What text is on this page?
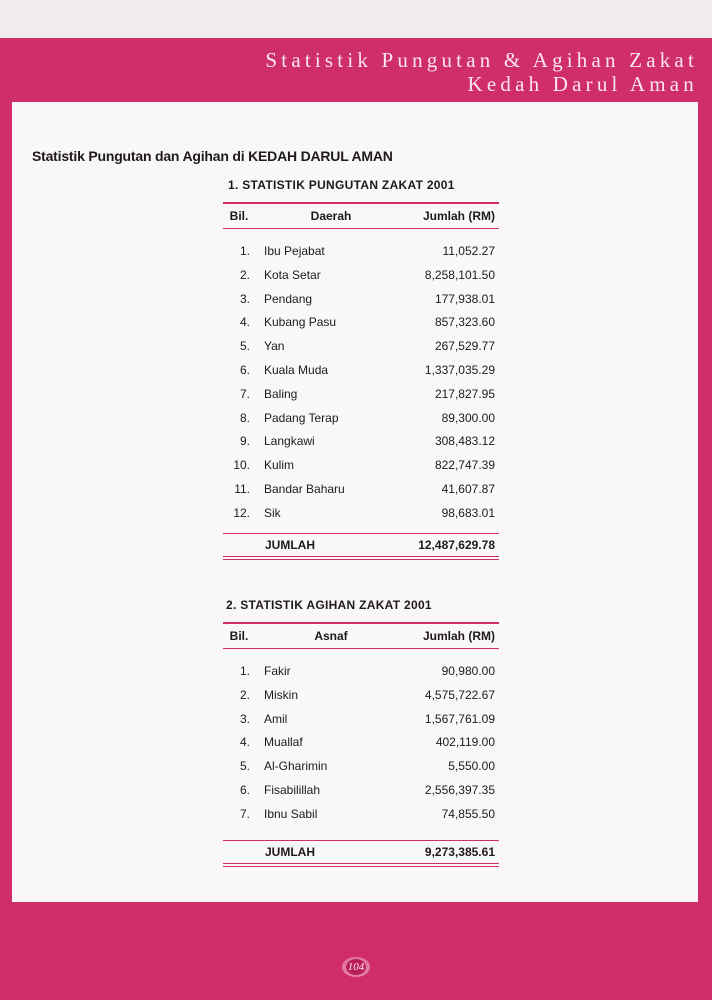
Statistik Pungutan & Agihan Zakat
Kedah Darul Aman
Statistik Pungutan dan Agihan di KEDAH DARUL AMAN
1. STATISTIK PUNGUTAN ZAKAT 2001
Bil.	Daerah	Jumlah (RM)
1. Ibu Pejabat	11,052.27
2. Kota Setar	8,258,101.50
3. Pendang	177,938.01
4. Kubang Pasu	857,323.60
5. Yan	267,529.77
6. Kuala Muda	1,337,035.29
7. Baling	217,827.95
8. Padang Terap	89,300.00
9. Langkawi	308,483.12
10. Kulim	822,747.39
11. Bandar Baharu	41,607.87
12. Sik	98,683.01
JUMLAH	12,487,629.78
2. STATISTIK AGIHAN ZAKAT 2001
Bil.	Asnaf	Jumlah (RM)
1. Fakir	90,980.00
2. Miskin	4,575,722.67
3. Amil	1,567,761.09
4. Muallaf	402,119.00
5. Al-Gharimin	5,550.00
6. Fisabilillah	2,556,397.35
7. Ibnu Sabil	74,855.50
JUMLAH	9,273,385.61
104
